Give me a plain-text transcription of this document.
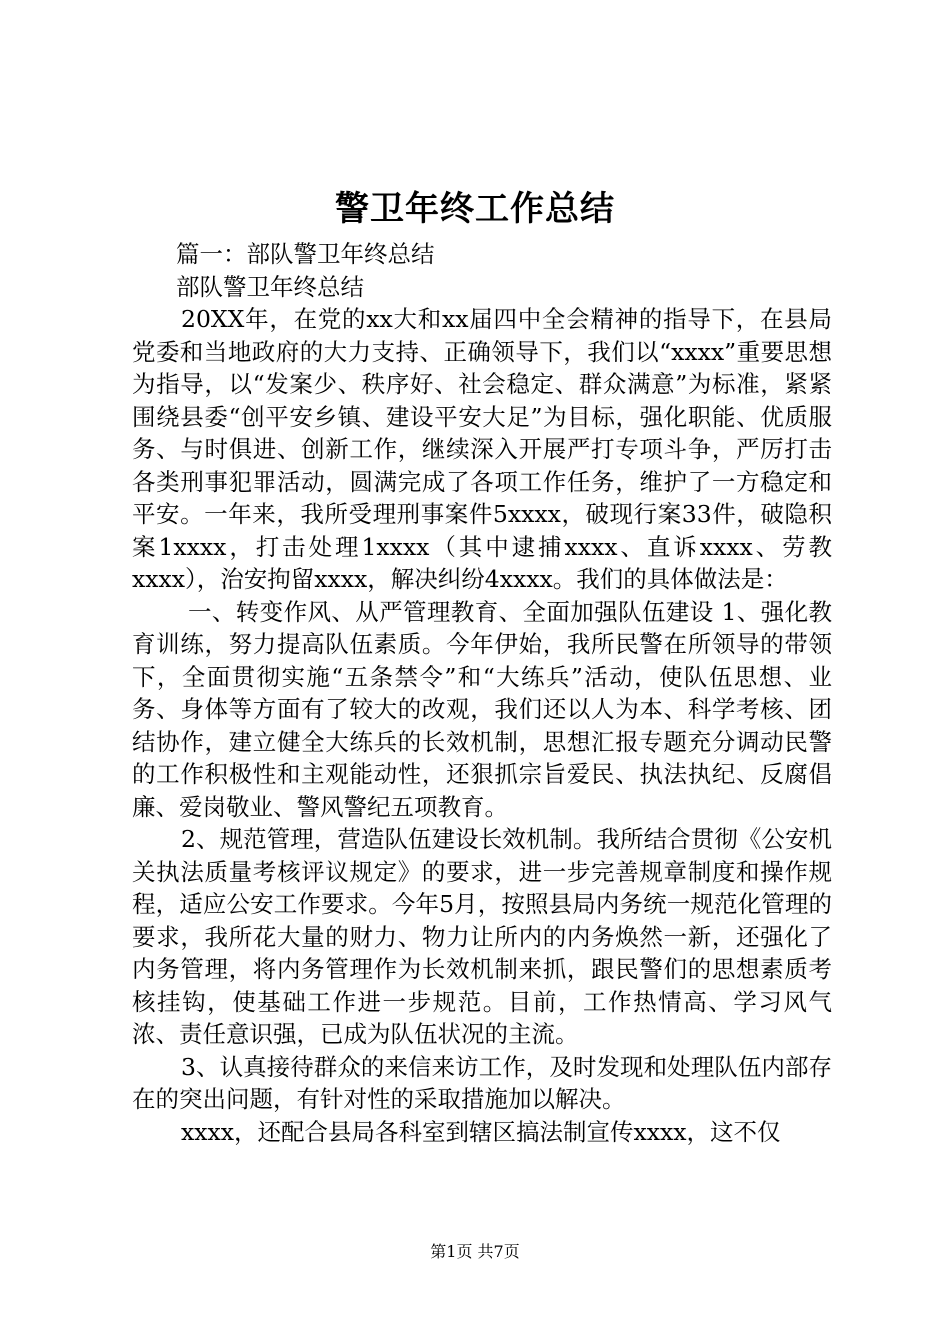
警卫年终工作总结

篇一：部队警卫年终总结

部队警卫年终总结

20XX年，在党的xx大和xx届四中全会精神的指导下，在县局党委和当地政府的大力支持、正确领导下，我们以“xxxx”重要思想为指导，以“发案少、秩序好、社会稳定、群众满意”为标准，紧紧围绕县委“创平安乡镇、建设平安大足”为目标，强化职能、优质服务、与时俱进、创新工作，继续深入开展严打专项斗争，严厉打击各类刑事犯罪活动，圆满完成了各项工作任务，维护了一方稳定和平安。一年来，我所受理刑事案件5xxxx，破现行案33件，破隐积案1xxxx，打击处理1xxxx（其中逮捕xxxx、直诉xxxx、劳教xxxx），治安拘留xxxx，解决纠纷4xxxx。我们的具体做法是：

一、转变作风、从严管理教育、全面加强队伍建设 1、强化教育训练，努力提高队伍素质。今年伊始，我所民警在所领导的带领下，全面贯彻实施“五条禁令”和“大练兵”活动，使队伍思想、业务、身体等方面有了较大的改观，我们还以人为本、科学考核、团结协作，建立健全大练兵的长效机制，思想汇报专题充分调动民警的工作积极性和主观能动性，还狠抓宗旨爱民、执法执纪、反腐倡廉、爱岗敬业、警风警纪五项教育。

2、规范管理，营造队伍建设长效机制。我所结合贯彻《公安机关执法质量考核评议规定》的要求，进一步完善规章制度和操作规程，适应公安工作要求。今年5月，按照县局内务统一规范化管理的要求，我所花大量的财力、物力让所内的内务焕然一新，还强化了内务管理，将内务管理作为长效机制来抓，跟民警们的思想素质考核挂钩，使基础工作进一步规范。目前，工作热情高、学习风气浓、责任意识强，已成为队伍状况的主流。

3、认真接待群众的来信来访工作，及时发现和处理队伍内部存在的突出问题，有针对性的采取措施加以解决。

xxxx，还配合县局各科室到辖区搞法制宣传xxxx，这不仅

第1页 共7页
